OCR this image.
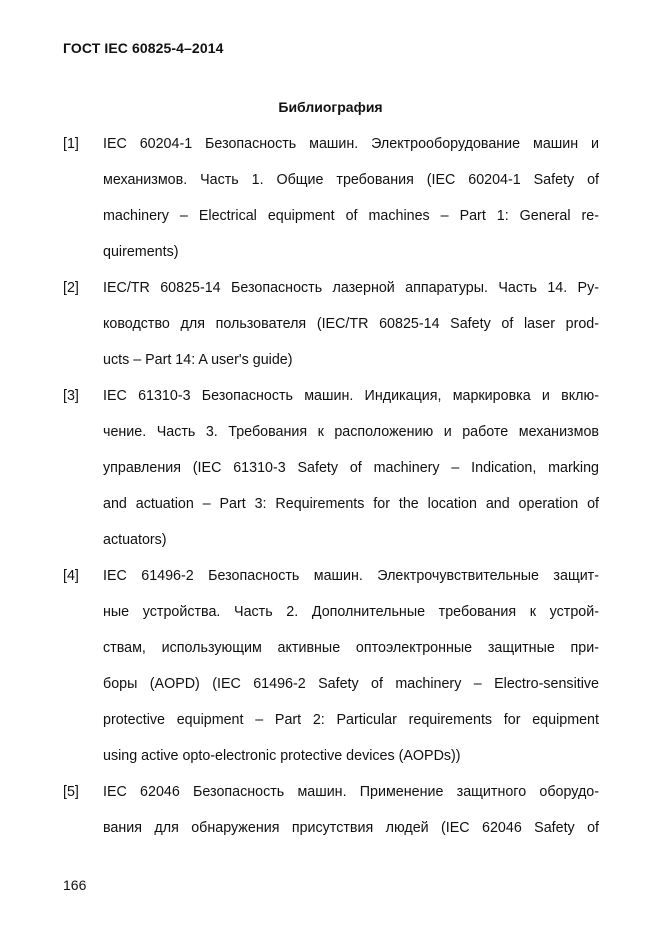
ГОСТ IEC 60825-4–2014
Библиография
[1]	IEC 60204-1 Безопасность машин. Электрооборудование машин и
механизмов. Часть 1. Общие требования (IEC 60204-1 Safety of
machinery – Electrical equipment of machines – Part 1: General re-
quirements)
[2]	IEC/TR 60825-14 Безопасность лазерной аппаратуры. Часть 14. Ру-
ководство для пользователя (IEC/TR 60825-14 Safety of laser prod-
ucts – Part 14: A user's guide)
[3]	IEC 61310-3 Безопасность машин. Индикация, маркировка и вклю-
чение. Часть 3. Требования к расположению и работе механизмов
управления (IEC 61310-3 Safety of machinery – Indication, marking
and actuation – Part 3: Requirements for the location and operation of
actuators)
[4]	IEC 61496-2 Безопасность машин. Электрочувствительные защит-
ные устройства. Часть 2. Дополнительные требования к устрой-
ствам, использующим активные оптоэлектронные защитные при-
боры (AOPD) (IEC 61496-2 Safety of machinery – Electro-sensitive
protective equipment – Part 2: Particular requirements for equipment
using active opto-electronic protective devices (AOPDs))
[5]	IEC 62046 Безопасность машин. Применение защитного оборудо-
вания для обнаружения присутствия людей (IEC 62046 Safety of
166
